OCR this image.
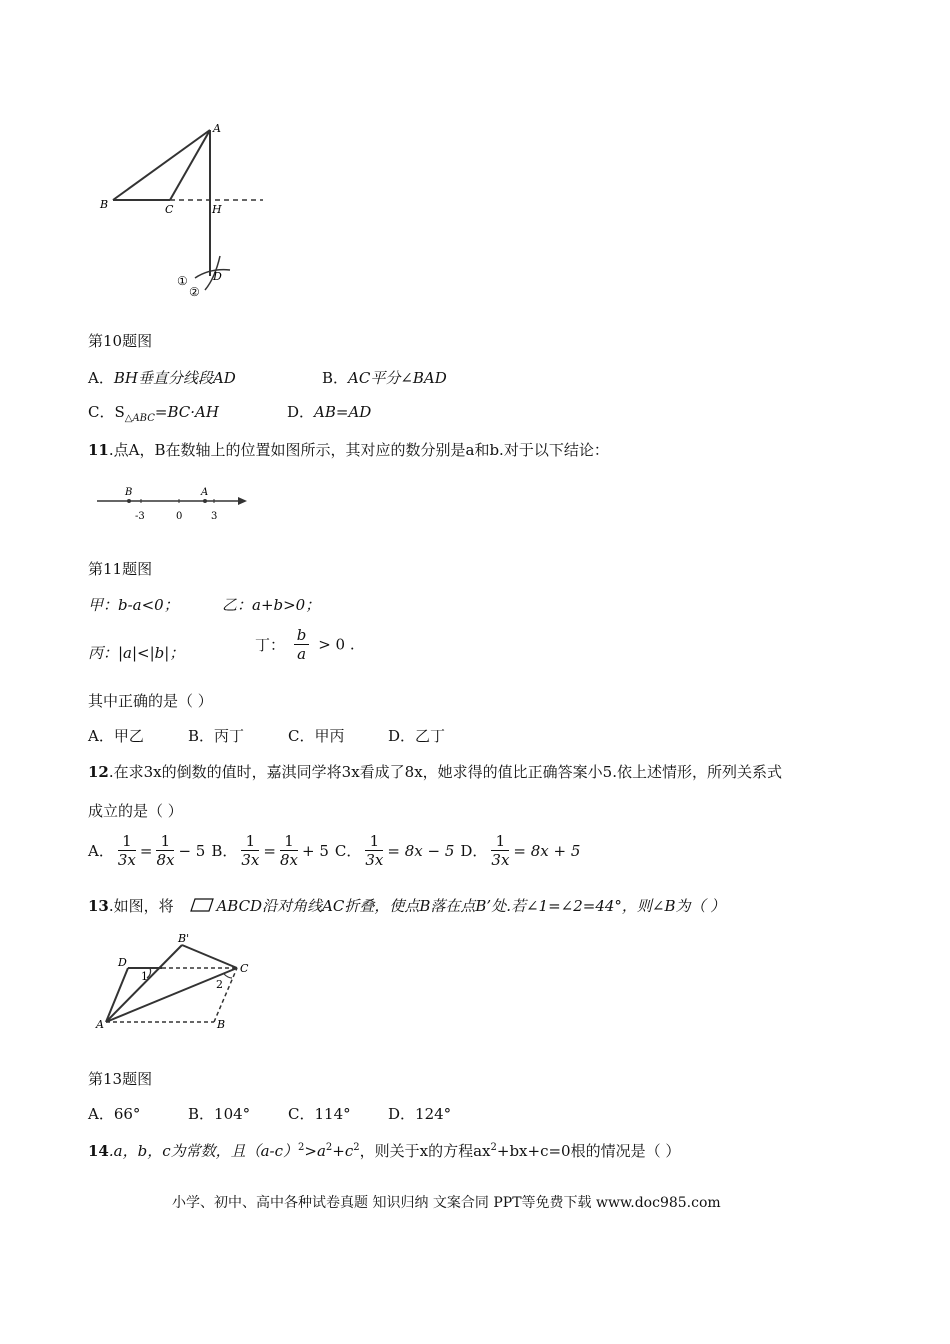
A
B	C	H
D
①
②
第10题图
A．BH垂直分线段AD	B．AC平分∠BAD
C．$S_{\triangle ABC}=BC\cdot AH$	D．AB=AD
11.点A，B在数轴上的位置如图所示，其对应的数分别是a和b.对于以下结论：
B	A
-3	0	3
第11题图
甲：b-a<0；	乙：a+b>0；
丙：|a|<|b|；	丁： $\frac{b}{a} > 0$ .
其中正确的是（ ）
A．甲乙	B．丙丁	C．甲丙	D．乙丁
12.在求3x的倒数的值时，嘉淇同学将3x看成了8x，她求得的值比正确答案小5.依上述情形，所列关系式
成立的是（ ）
A． $\frac{1}{3x} = \frac{1}{8x} - 5$ B． $\frac{1}{3x} = \frac{1}{8x} + 5$ C． $\frac{1}{3x} = 8x - 5$ D． $\frac{1}{3x} = 8x + 5$
13.如图，将	ABCD沿对角线AC折叠，使点B落在点B’处.若∠1=∠2=44°，则∠B为（ ）
D
B'
C
A	B
1
2
第13题图
A．66°	B．104°	C．114° D．124°
14.a，b，c为常数，且$(a-c)^2>a^2+c^2$，则关于x的方程$ax^2+bx+c=0$根的情况是（ ）
小学、初中、高中各种试卷真题 知识归纳 文案合同 PPT等免费下载 www.doc985.com
